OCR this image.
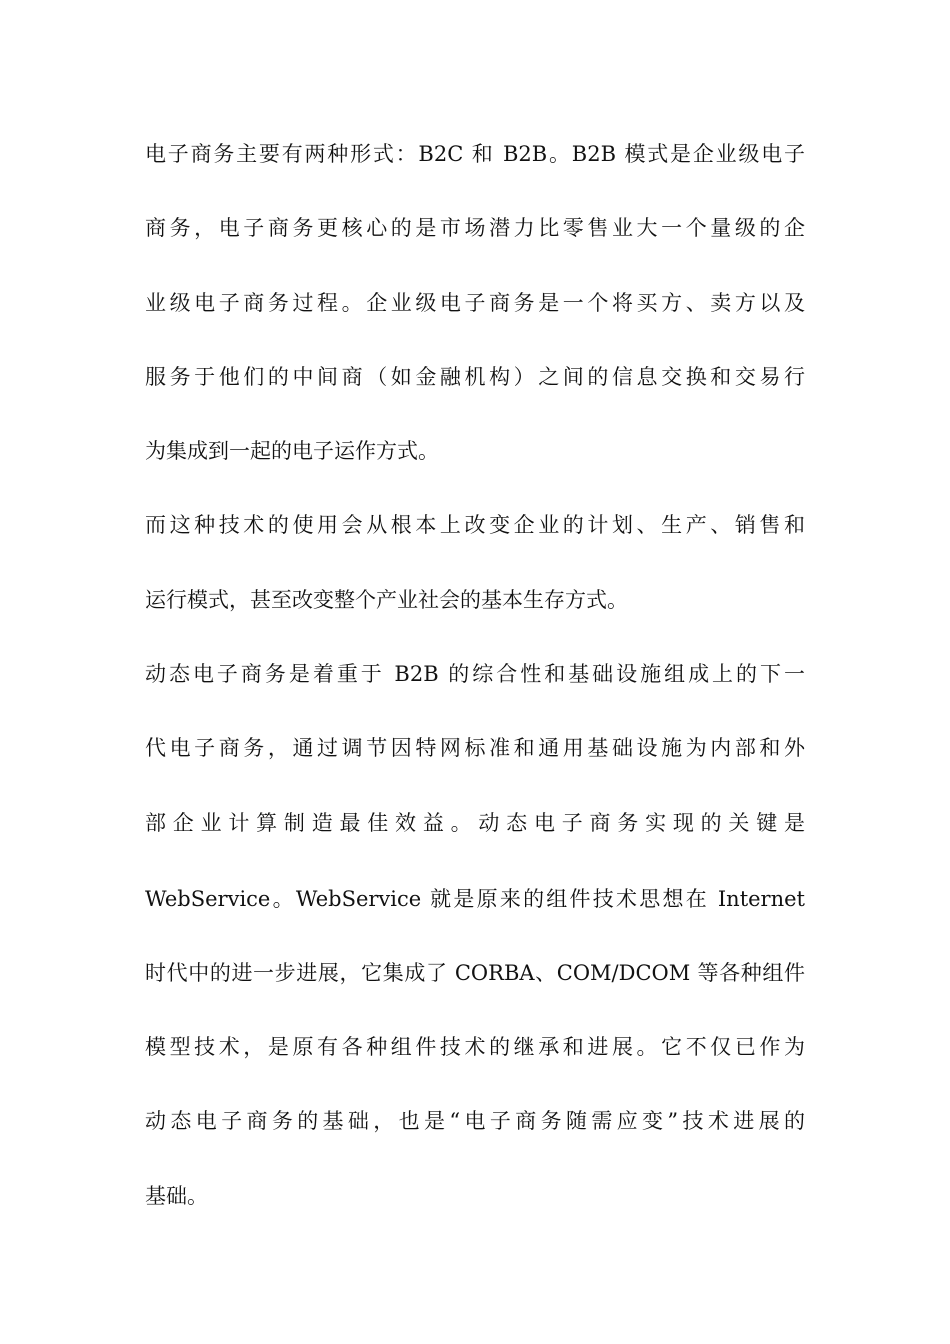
电子商务主要有两种形式：B2C 和 B2B。B2B 模式是企业级电子

商务，电子商务更核心的是市场潜力比零售业大一个量级的企

业级电子商务过程。企业级电子商务是一个将买方、卖方以及

服务于他们的中间商（如金融机构）之间的信息交换和交易行

为集成到一起的电子运作方式。

而这种技术的使用会从根本上改变企业的计划、生产、销售和

运行模式，甚至改变整个产业社会的基本生存方式。

动态电子商务是着重于 B2B 的综合性和基础设施组成上的下一

代电子商务，通过调节因特网标准和通用基础设施为内部和外

部企业计算制造最佳效益。动态电子商务实现的关键是

WebService。WebService 就是原来的组件技术思想在 Internet

时代中的进一步进展，它集成了 CORBA、COM/DCOM 等各种组件

模型技术，是原有各种组件技术的继承和进展。它不仅已作为

动态电子商务的基础，也是“电子商务随需应变”技术进展的

基础。
